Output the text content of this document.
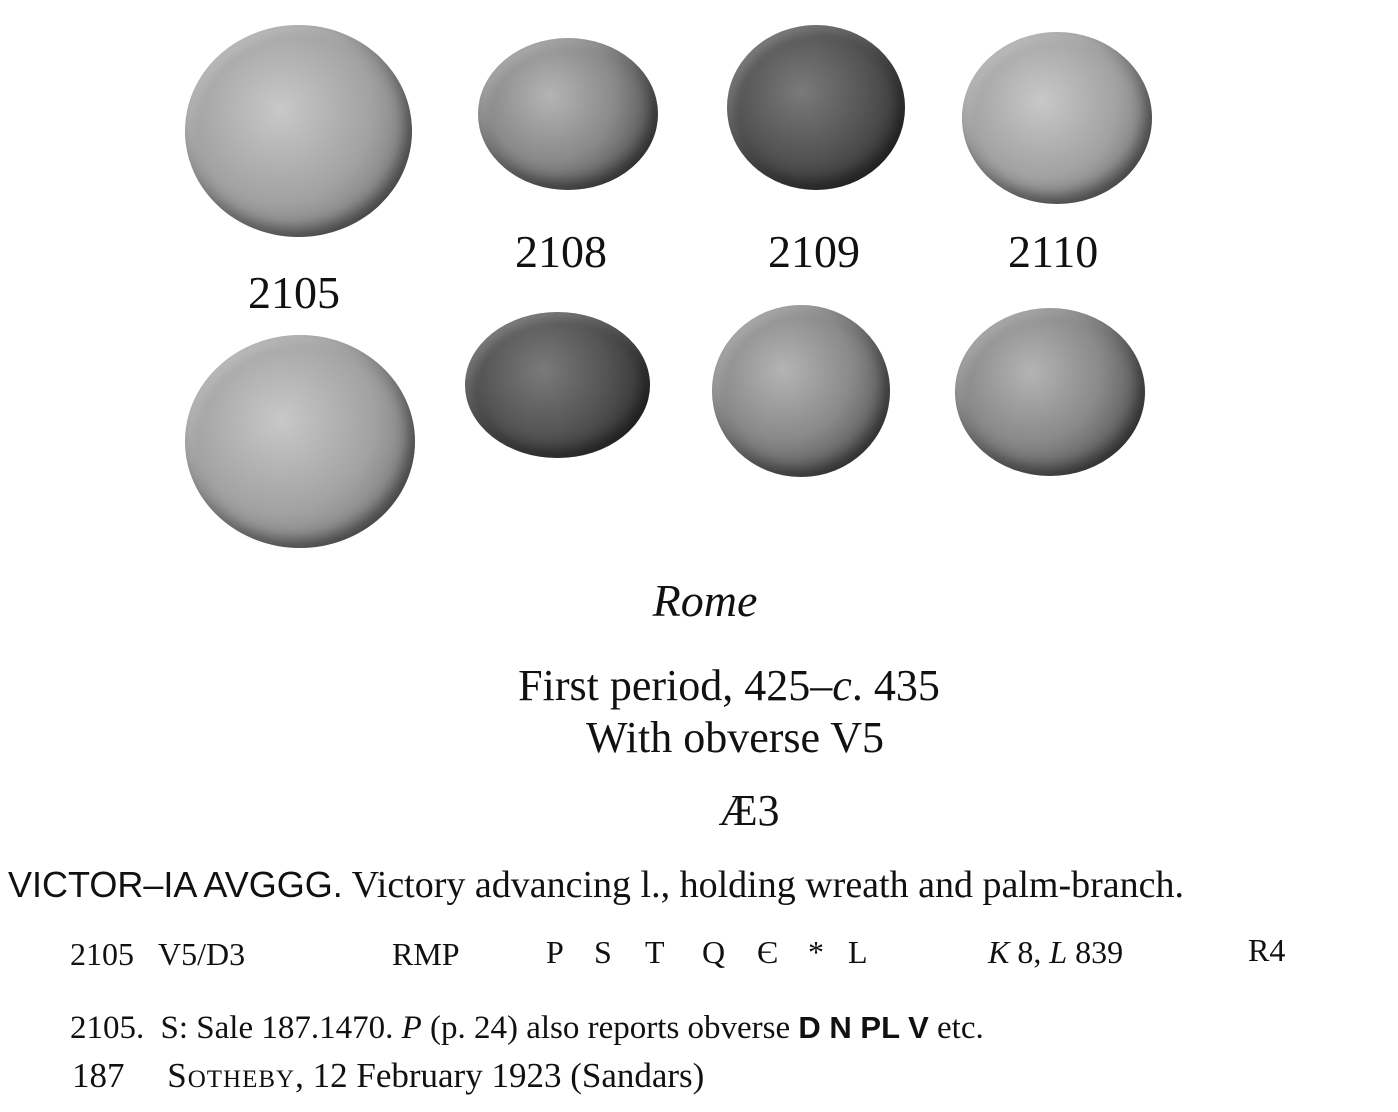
2105
2108	2109	2110
Rome
First period, 425–c. 435
With obverse V5
Æ3
VICTOR–IA AVGGG. Victory advancing l., holding wreath and palm-branch.
2105 V5/D3	RMP	P S T Q Є * L	K 8, L 839	R4
2105. S: Sale 187.1470. P (p. 24) also reports obverse D N PL V etc.
187 Sotheby, 12 February 1923 (Sandars)
